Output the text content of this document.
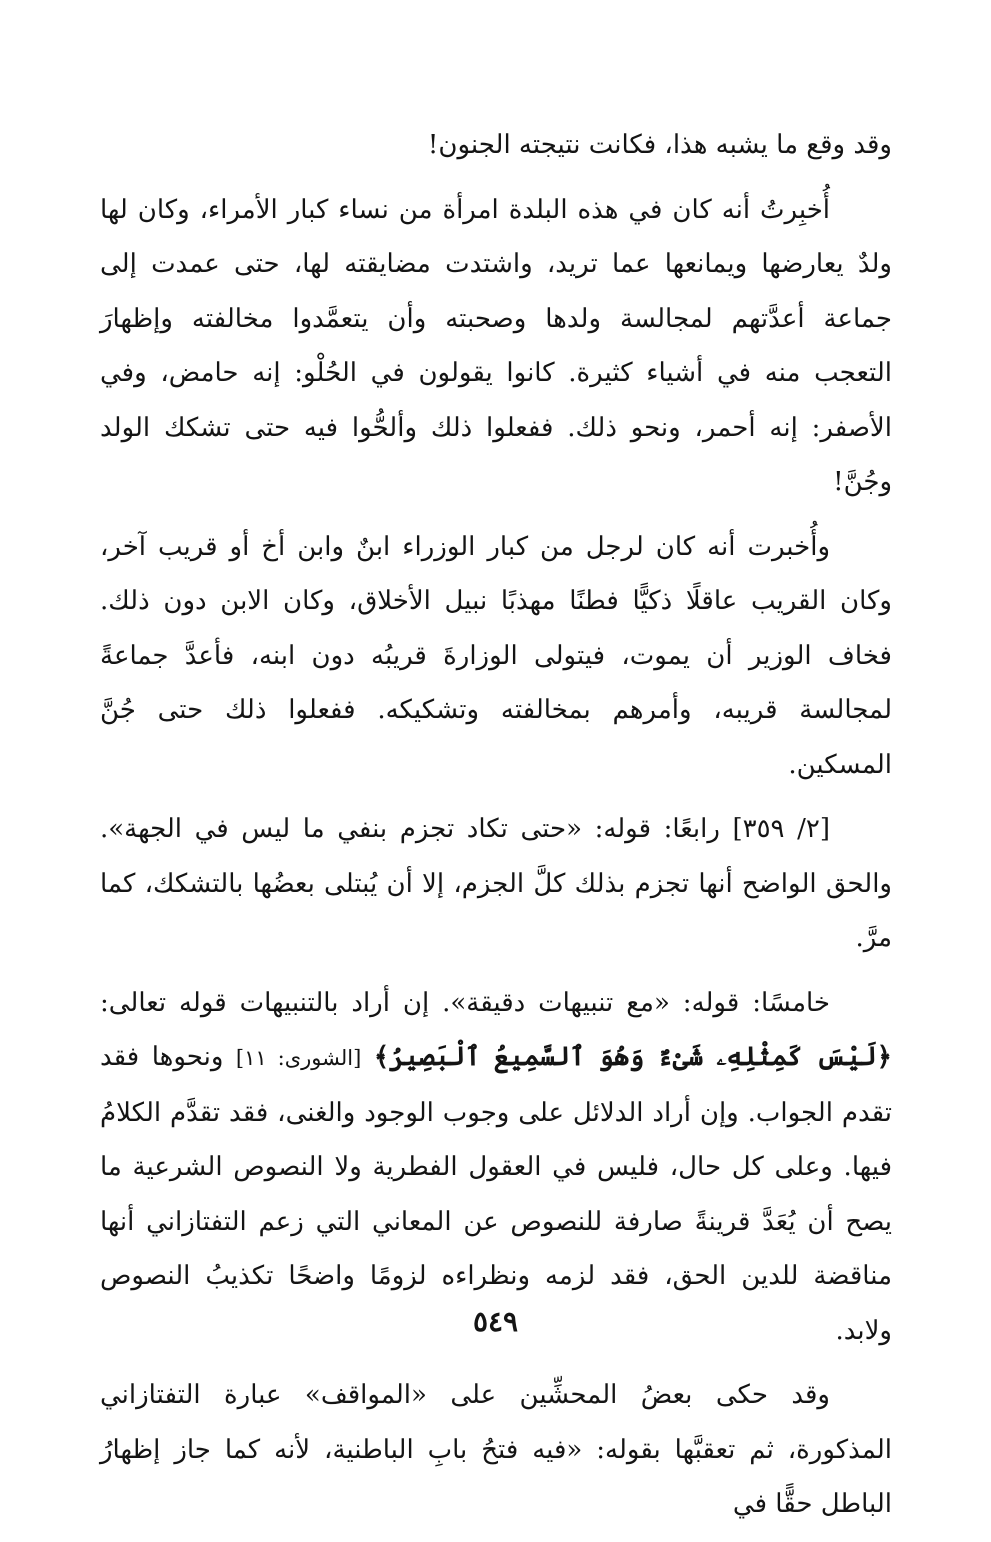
وقد وقع ما يشبه هذا، فكانت نتيجته الجنون!

أُخبِرتُ أنه كان في هذه البلدة امرأة من نساء كبار الأمراء، وكان لها ولدٌ يعارضها ويمانعها عما تريد، واشتدت مضايقته لها، حتى عمدت إلى جماعة أعدَّتهم لمجالسة ولدها وصحبته وأن يتعمَّدوا مخالفته وإظهارَ التعجب منه في أشياء كثيرة. كانوا يقولون في الحُلْو: إنه حامض، وفي الأصفر: إنه أحمر، ونحو ذلك. ففعلوا ذلك وألحُّوا فيه حتى تشكك الولد وجُنَّ!

وأُخبرت أنه كان لرجل من كبار الوزراء ابنٌ وابن أخ أو قريب آخر، وكان القريب عاقلًا ذكيًّا فطنًا مهذبًا نبيل الأخلاق، وكان الابن دون ذلك. فخاف الوزير أن يموت، فيتولى الوزارةَ قريبُه دون ابنه، فأعدَّ جماعةً لمجالسة قريبه، وأمرهم بمخالفته وتشكيكه. ففعلوا ذلك حتى جُنَّ المسكين.

[٢/ ٣٥٩] رابعًا: قوله: «حتى تكاد تجزم بنفي ما ليس في الجهة». والحق الواضح أنها تجزم بذلك كلَّ الجزم، إلا أن يُبتلى بعضُها بالتشكك، كما مرَّ.

خامسًا: قوله: «مع تنبيهات دقيقة». إن أراد بالتنبيهات قوله تعالى: ﴿لَيْسَ كَمِثْلِهِۦ شَىْءٌ وَهُوَ ٱلسَّمِيعُ ٱلْبَصِيرُ﴾ [الشورى: ١١] ونحوها فقد تقدم الجواب. وإن أراد الدلائل على وجوب الوجود والغنى، فقد تقدَّم الكلامُ فيها. وعلى كل حال، فليس في العقول الفطرية ولا النصوص الشرعية ما يصح أن يُعَدَّ قرينةً صارفة للنصوص عن المعاني التي زعم التفتازاني أنها مناقضة للدين الحق، فقد لزمه ونظراءه لزومًا واضحًا تكذيبُ النصوص ولابد.

وقد حكى بعضُ المحشِّين على «المواقف» عبارة التفتازاني المذكورة، ثم تعقبَّها بقوله: «فيه فتحُ بابِ الباطنية، لأنه كما جاز إظهارُ الباطل حقًّا في

٥٤٩
